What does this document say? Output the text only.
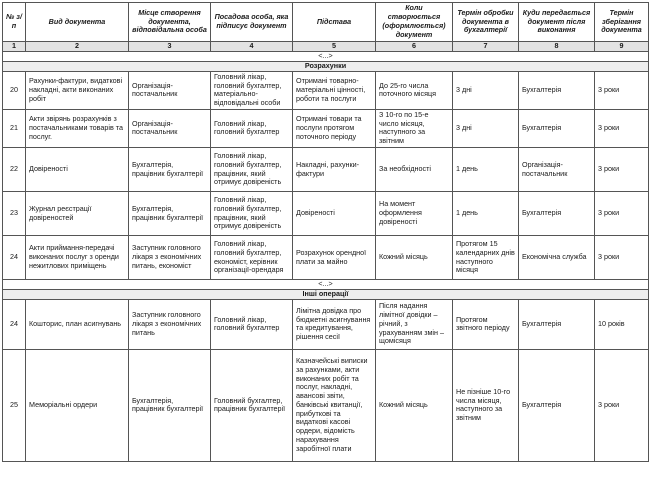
№ з/п	Вид документа	Місце створення документа, відповідальна особа	Посадова особа, яка підписує документ	Підстава	Коли створюється (оформлюється) документ	Термін обробки документа в бухгалтерії	Куди передається документ після виконання	Термін зберігання документа
1	2	3	4	5	6	7	8	9
<...>								
Розрахунки								
20	Рахунки-фактури, видаткові накладні, акти виконаних робіт	Організація-постачальник	Головний лікар, головний бухгалтер, матеріально-відповідальні особи	Отримані товарно-матеріальні цінності, роботи та послуги	До 25-го числа поточного місяця	3 дні	Бухгалтерія	3 роки
21	Акти звірянь розрахунків з постачальниками товарів та послуг.	Організація-постачальник	Головний лікар, головний бухгалтер	Отримані товари та послуги протягом поточного періоду	З 10-го по 15-е число місяця, наступного за звітним	3 дні	Бухгалтерія	3 роки
22	Довіреності	Бухгалтерія, працівник бухгалтерії	Головний лікар, головний бухгалтер, працівник, який отримує довіреність	Накладні, рахунки-фактури	За необхідності	1 день	Організація-постачальник	3 роки
23	Журнал реєстрації довіреностей	Бухгалтерія, працівник бухгалтерії	Головний лікар, головний бухгалтер, працівник, який отримує довіреність	Довіреності	На момент оформлення довіреності	1 день	Бухгалтерія	3 роки
24	Акти приймання-передачі виконаних послуг з оренди нежитлових приміщень	Заступник головного лікаря з економічних питань, економіст	Головний лікар, головний бухгалтер, економіст, керівник організації-орендаря	Розрахунок орендної плати за майно	Кожний місяць	Протягом 15 календарних днів наступного місяця	Економічна служба	3 роки
<...>								
Інші операції								
24	Кошторис, план асигнувань	Заступник головного лікаря з економічних питань	Головний лікар, головний бухгалтер	Лімітна довідка про бюджетні асигнування та кредитування, рішення сесії	Після надання лімітної довідки – річний, з урахуванням змін – щомісяця	Протягом звітного періоду	Бухгалтерія	10 років
25	Меморіальні ордери	Бухгалтерія, працівник бухгалтерії	Головний бухгалтер, працівник бухгалтерії	Казначейські виписки за рахунками, акти виконаних робіт та послуг, накладні, авансові звіти, банківські квитанції, прибуткові та видаткові касові ордери, відомість нарахування заробітної плати	Кожний місяць	Не пізніше 10-го числа місяця, наступного за звітним	Бухгалтерія	3 роки
